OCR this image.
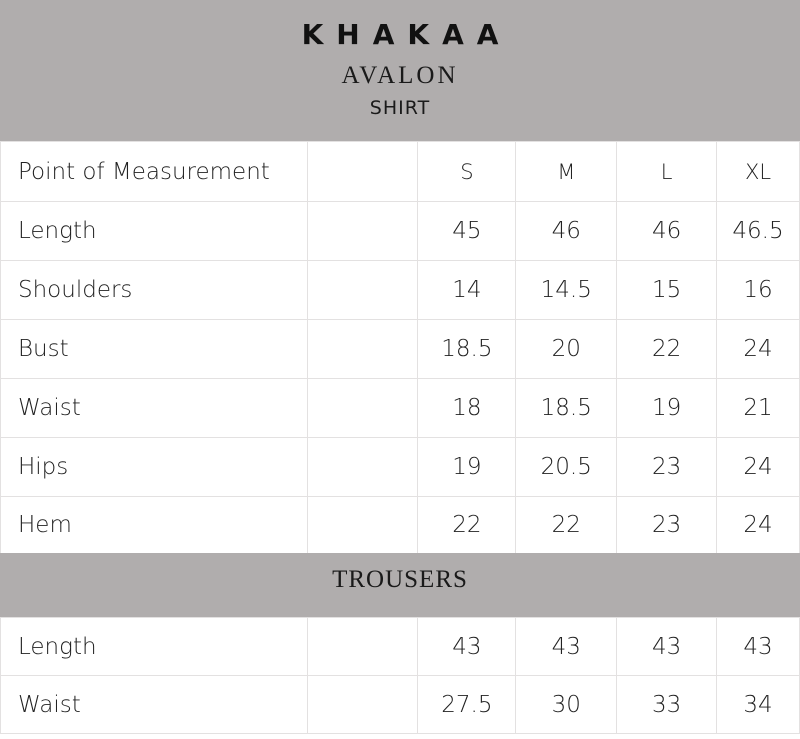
KHAKAA
AVALON
SHIRT
Point of Measurement		S	M	L	XL
Length		45	46	46	46.5
Shoulders		14	14.5	15	16
Bust		18.5	20	22	24
Waist		18	18.5	19	21
Hips		19	20.5	23	24
Hem		22	22	23	24
TROUSERS
Length		43	43	43	43
Waist		27.5	30	33	34
